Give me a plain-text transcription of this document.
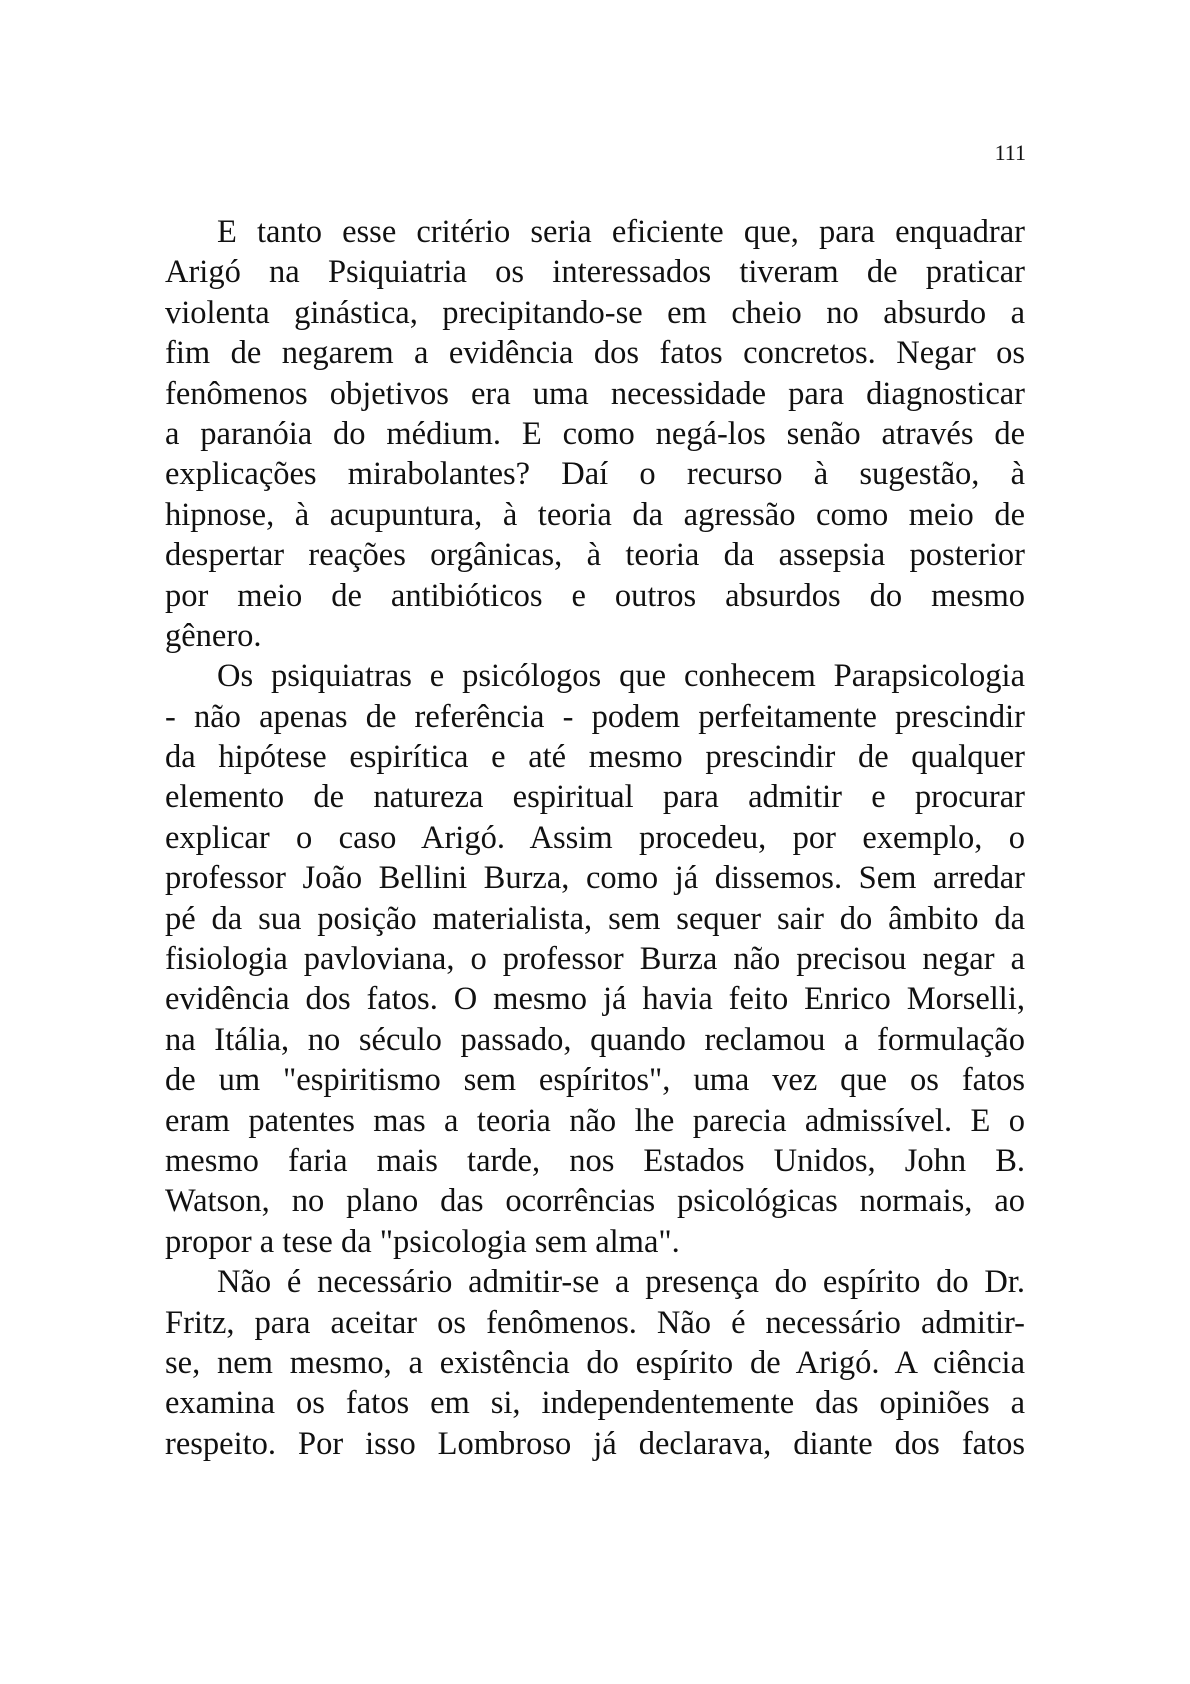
111

E tanto esse critério seria eficiente que, para enquadrar
Arigó na Psiquiatria os interessados tiveram de praticar
violenta ginástica, precipitando-se em cheio no absurdo a
fim de negarem a evidência dos fatos concretos. Negar os
fenômenos objetivos era uma necessidade para diagnosticar
a paranóia do médium. E como negá-los senão através de
explicações mirabolantes? Daí o recurso à sugestão, à
hipnose, à acupuntura, à teoria da agressão como meio de
despertar reações orgânicas, à teoria da assepsia posterior
por meio de antibióticos e outros absurdos do mesmo
gênero.

Os psiquiatras e psicólogos que conhecem Parapsicologia
- não apenas de referência - podem perfeitamente prescindir
da hipótese espirítica e até mesmo prescindir de qualquer
elemento de natureza espiritual para admitir e procurar
explicar o caso Arigó. Assim procedeu, por exemplo, o
professor João Bellini Burza, como já dissemos. Sem arredar
pé da sua posição materialista, sem sequer sair do âmbito da
fisiologia pavloviana, o professor Burza não precisou negar a
evidência dos fatos. O mesmo já havia feito Enrico Morselli,
na Itália, no século passado, quando reclamou a formulação
de um "espiritismo sem espíritos", uma vez que os fatos
eram patentes mas a teoria não lhe parecia admissível. E o
mesmo faria mais tarde, nos Estados Unidos, John B.
Watson, no plano das ocorrências psicológicas normais, ao
propor a tese da "psicologia sem alma".

Não é necessário admitir-se a presença do espírito do Dr.
Fritz, para aceitar os fenômenos. Não é necessário admitir-
se, nem mesmo, a existência do espírito de Arigó. A ciência
examina os fatos em si, independentemente das opiniões a
respeito. Por isso Lombroso já declarava, diante dos fatos
